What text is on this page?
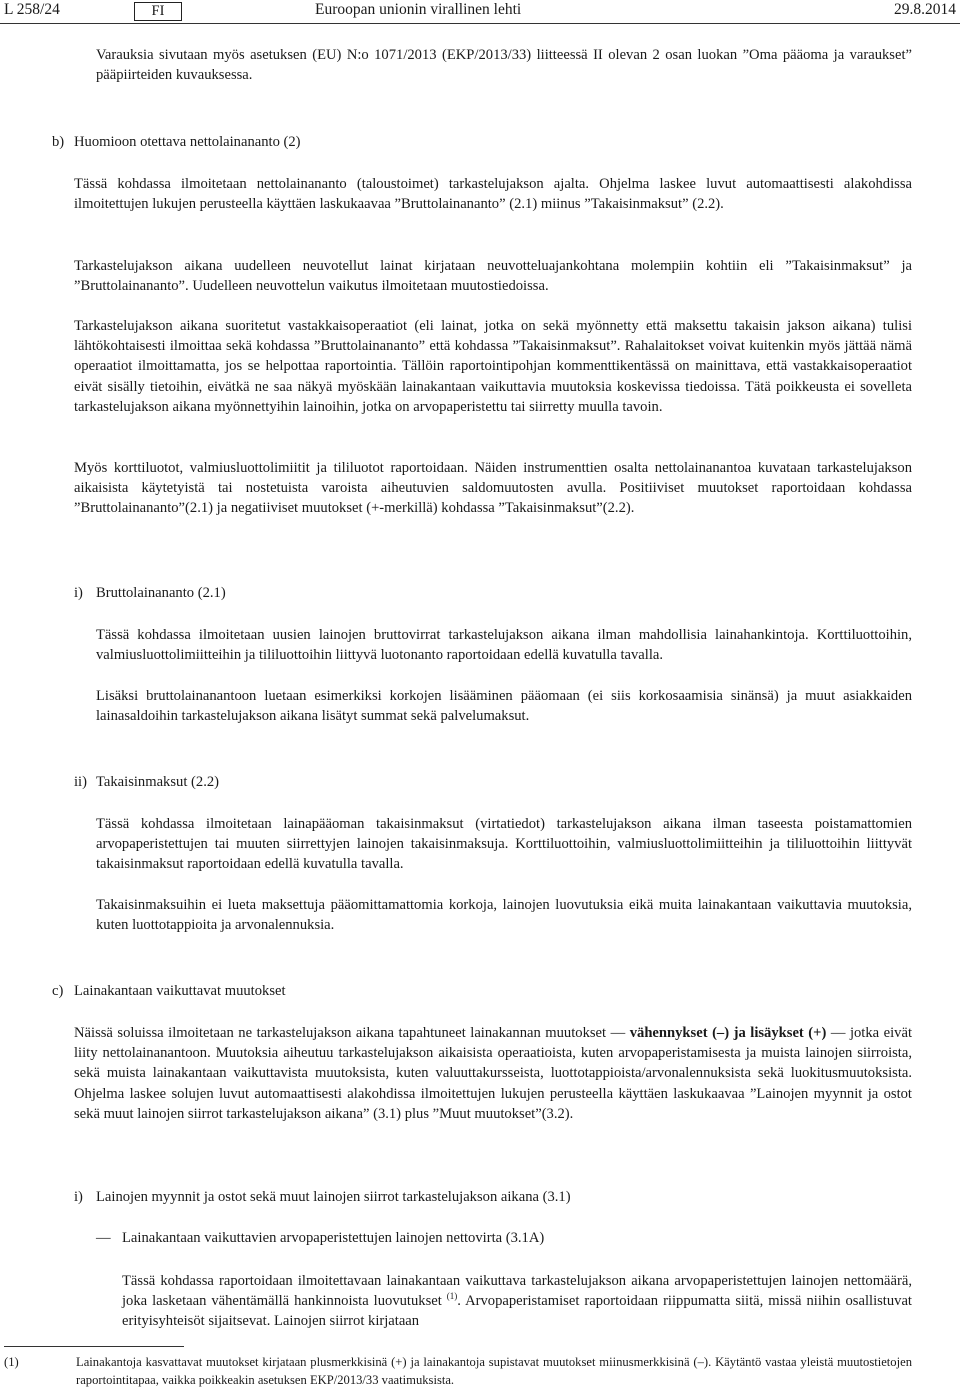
L 258/24	FI	Euroopan unionin virallinen lehti	29.8.2014

Varauksia sivutaan myös asetuksen (EU) N:o 1071/2013 (EKP/2013/33) liitteessä II olevan 2 osan luokan ”Oma pääoma ja varaukset” pääpiirteiden kuvauksessa.

b) Huomioon otettava nettolainananto (2)

Tässä kohdassa ilmoitetaan nettolainananto (taloustoimet) tarkastelujakson ajalta. Ohjelma laskee luvut automaattisesti alakohdissa ilmoitettujen lukujen perusteella käyttäen laskukaavaa ”Bruttolainananto” (2.1) miinus ”Takaisinmaksut” (2.2).

Tarkastelujakson aikana uudelleen neuvotellut lainat kirjataan neuvotteluajankohtana molempiin kohtiin eli ”Takaisinmaksut” ja ”Bruttolainananto”. Uudelleen neuvottelun vaikutus ilmoitetaan muutostiedoissa.

Tarkastelujakson aikana suoritetut vastakkaisoperaatiot (eli lainat, jotka on sekä myönnetty että maksettu takaisin jakson aikana) tulisi lähtökohtaisesti ilmoittaa sekä kohdassa ”Bruttolainananto” että kohdassa ”Takaisinmaksut”. Rahalaitokset voivat kuitenkin myös jättää nämä operaatiot ilmoittamatta, jos se helpottaa raportointia. Tällöin raportointipohjan kommenttikentässä on mainittava, että vastakkaisoperaatiot eivät sisälly tietoihin, eivätkä ne saa näkyä myöskään lainakantaan vaikuttavia muutoksia koskevissa tiedoissa. Tätä poikkeusta ei sovelleta tarkastelujakson aikana myönnettyihin lainoihin, jotka on arvopaperistettu tai siirretty muulla tavoin.

Myös korttiluotot, valmiusluottolimiitit ja tililuotot raportoidaan. Näiden instrumenttien osalta nettolainanantoa kuvataan tarkastelujakson aikaisista käytetyistä tai nostetuista varoista aiheutuvien saldomuutosten avulla. Positiiviset muutokset raportoidaan kohdassa ”Bruttolainananto”(2.1) ja negatiiviset muutokset (+-merkillä) kohdassa ”Takaisinmaksut”(2.2).

i) Bruttolainananto (2.1)

Tässä kohdassa ilmoitetaan uusien lainojen bruttovirrat tarkastelujakson aikana ilman mahdollisia lainahankintoja. Korttiluottoihin, valmiusluottolimiitteihin ja tililuottoihin liittyvä luotonanto raportoidaan edellä kuvatulla tavalla.

Lisäksi bruttolainanantoon luetaan esimerkiksi korkojen lisääminen pääomaan (ei siis korkosaamisia sinänsä) ja muut asiakkaiden lainasaldoihin tarkastelujakson aikana lisätyt summat sekä palvelumaksut.

ii) Takaisinmaksut (2.2)

Tässä kohdassa ilmoitetaan lainapääoman takaisinmaksut (virtatiedot) tarkastelujakson aikana ilman taseesta poistamattomien arvopaperistettujen tai muuten siirrettyjen lainojen takaisinmaksuja. Korttiluottoihin, valmiusluottolimiitteihin ja tililuottoihin liittyvät takaisinmaksut raportoidaan edellä kuvatulla tavalla.

Takaisinmaksuihin ei lueta maksettuja pääomittamattomia korkoja, lainojen luovutuksia eikä muita lainakantaan vaikuttavia muutoksia, kuten luottotappioita ja arvonalennuksia.

c) Lainakantaan vaikuttavat muutokset

Näissä soluissa ilmoitetaan ne tarkastelujakson aikana tapahtuneet lainakannan muutokset — vähennykset (–) ja lisäykset (+) — jotka eivät liity nettolainanantoon. Muutoksia aiheutuu tarkastelujakson aikaisista operaatioista, kuten arvopaperistamisesta ja muista lainojen siirroista, sekä muista lainakantaan vaikuttavista muutoksista, kuten valuuttakursseista, luottotappioista/arvonalennuksista sekä luokitusmuutoksista. Ohjelma laskee solujen luvut automaattisesti alakohdissa ilmoitettujen lukujen perusteella käyttäen laskukaavaa ”Lainojen myynnit ja ostot sekä muut lainojen siirrot tarkastelujakson aikana” (3.1) plus ”Muut muutokset”(3.2).

i) Lainojen myynnit ja ostot sekä muut lainojen siirrot tarkastelujakson aikana (3.1)
— Lainakantaan vaikuttavien arvopaperistettujen lainojen nettovirta (3.1A)

Tässä kohdassa raportoidaan ilmoitettavaan lainakantaan vaikuttava tarkastelujakson aikana arvopaperistettujen lainojen nettomäärä, joka lasketaan vähentämällä hankinnoista luovutukset $^{(1)}$. Arvopaperistamiset raportoidaan riippumatta siitä, missä niihin osallistuvat erityisyhteisöt sijaitsevat. Lainojen siirrot kirjataan

(1)	Lainakantoja kasvattavat muutokset kirjataan plusmerkkisinä (+) ja lainakantoja supistavat muutokset miinusmerkkisinä (–). Käytäntö vastaa yleistä muutostietojen raportointitapaa, vaikka poikkeakin asetuksen EKP/2013/33 vaatimuksista.
